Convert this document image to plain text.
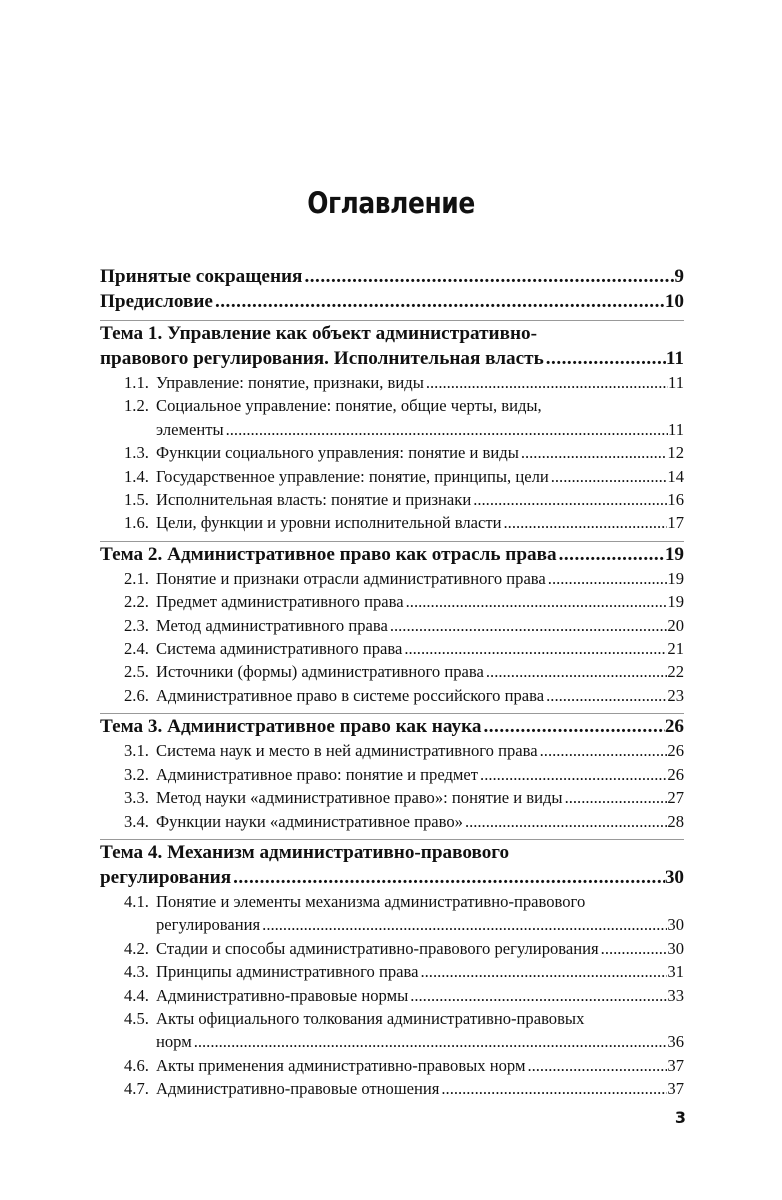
Оглавление
Принятые сокращения .....	9
Предисловие .....	10
Тема 1. Управление как объект административно-
правового регулирования. Исполнительная власть .....	11
1.1. Управление: понятие, признаки, виды .....	11
1.2. Социальное управление: понятие, общие черты, виды,
элементы .....	11
1.3. Функции социального управления: понятие и виды .....	12
1.4. Государственное управление: понятие, принципы, цели .....	14
1.5. Исполнительная власть: понятие и признаки .....	16
1.6. Цели, функции и уровни исполнительной власти .....	17
Тема 2. Административное право как отрасль права .....	19
2.1. Понятие и признаки отрасли административного права .....	19
2.2. Предмет административного права .....	19
2.3. Метод административного права .....	20
2.4. Система административного права .....	21
2.5. Источники (формы) административного права .....	22
2.6. Административное право в системе российского права .....	23
Тема 3. Административное право как наука .....	26
3.1. Система наук и место в ней административного права .....	26
3.2. Административное право: понятие и предмет .....	26
3.3. Метод науки «административное право»: понятие и виды .....	27
3.4. Функции науки «административное право» .....	28
Тема 4. Механизм административно-правового
регулирования .....	30
4.1. Понятие и элементы механизма административно-правового
регулирования .....	30
4.2. Стадии и способы административно-правового регулирования .....	30
4.3. Принципы административного права .....	31
4.4. Административно-правовые нормы .....	33
4.5. Акты официального толкования административно-правовых
норм .....	36
4.6. Акты применения административно-правовых норм .....	37
4.7. Административно-правовые отношения .....	37
3
